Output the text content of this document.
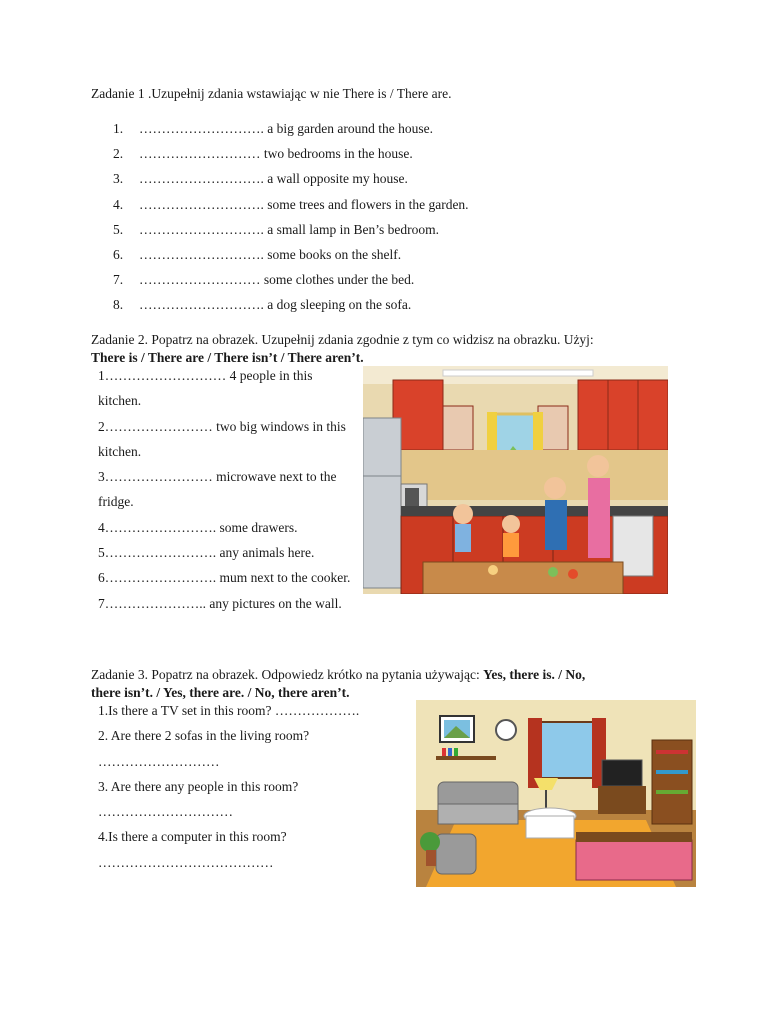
Zadanie 1 .Uzupełnij zdania wstawiając w nie There is / There are.
1. ………………………. a big garden around the house.
2. ……………………… two bedrooms in the house.
3. ………………………. a wall opposite my house.
4. ………………………. some trees and flowers in the garden.
5. ………………………. a small lamp in Ben’s bedroom.
6. ………………………. some books on the shelf.
7. ……………………… some clothes under the bed.
8. ………………………. a dog sleeping on the sofa.
Zadanie 2. Popatrz na obrazek. Uzupełnij zdania zgodnie z tym co widzisz na obrazku. Użyj:
There is / There are / There isn’t / There aren’t.
1……………………… 4 people in this kitchen.
2…………………… two big windows in this kitchen.
3…………………… microwave next to the fridge.
4……………………. some drawers.
5……………………. any animals here.
6……………………. mum next to the cooker.
7………………….. any pictures on the wall.
Zadanie 3. Popatrz na obrazek. Odpowiedz krótko na pytania używając: Yes, there is. / No,
there isn’t. / Yes, there are. / No, there aren’t.
1.Is there a TV set in this room? ……………….
2. Are there 2 sofas in the living room?
………………………
3. Are there any people in this room?
…………………………
4.Is there a computer in this room?
…………………………………
